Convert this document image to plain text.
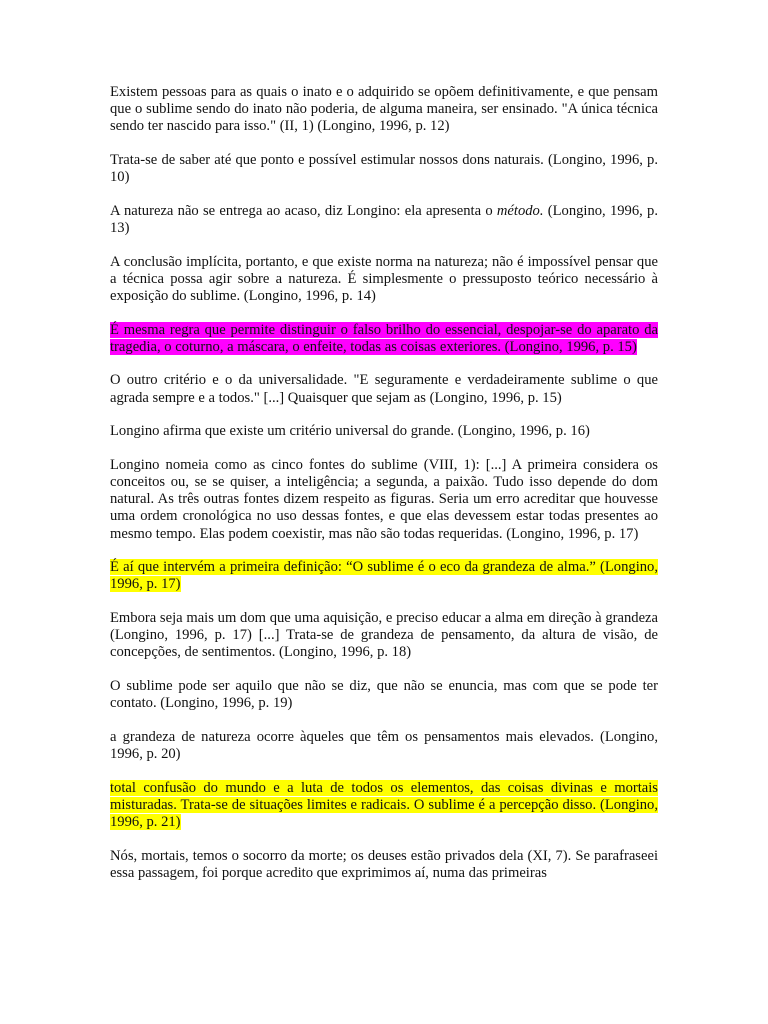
Existem pessoas para as quais o inato e o adquirido se opõem definitivamente, e que pensam que o sublime sendo do inato não poderia, de alguma maneira, ser ensinado. "A única técnica sendo ter nascido para isso." (II, 1) (Longino, 1996, p. 12)

Trata-se de saber até que ponto e possível estimular nossos dons naturais. (Longino, 1996, p. 10)

A natureza não se entrega ao acaso, diz Longino: ela apresenta o método. (Longino, 1996, p. 13)

A conclusão implícita, portanto, e que existe norma na natureza; não é impossível pensar que a técnica possa agir sobre a natureza. É simplesmente o pressuposto teórico necessário à exposição do sublime. (Longino, 1996, p. 14)

É mesma regra que permite distinguir o falso brilho do essencial, despojar-se do aparato da tragedia, o coturno, a máscara, o enfeite, todas as coisas exteriores. (Longino, 1996, p. 15)

O outro critério e o da universalidade. "E seguramente e verdadeiramente sublime o que agrada sempre e a todos." [...] Quaisquer que sejam as (Longino, 1996, p. 15)

Longino afirma que existe um critério universal do grande. (Longino, 1996, p. 16)

Longino nomeia como as cinco fontes do sublime (VIII, 1): [...] A primeira considera os conceitos ou, se se quiser, a inteligência; a segunda, a paixão. Tudo isso depende do dom natural. As três outras fontes dizem respeito as figuras. Seria um erro acreditar que houvesse uma ordem cronológica no uso dessas fontes, e que elas devessem estar todas presentes ao mesmo tempo. Elas podem coexistir, mas não são todas requeridas. (Longino, 1996, p. 17)

É aí que intervém a primeira definição: “O sublime é o eco da grandeza de alma.” (Longino, 1996, p. 17)

Embora seja mais um dom que uma aquisição, e preciso educar a alma em direção à grandeza (Longino, 1996, p. 17) [...] Trata-se de grandeza de pensamento, da altura de visão, de concepções, de sentimentos. (Longino, 1996, p. 18)

O sublime pode ser aquilo que não se diz, que não se enuncia, mas com que se pode ter contato. (Longino, 1996, p. 19)

a grandeza de natureza ocorre àqueles que têm os pensamentos mais elevados. (Longino, 1996, p. 20)

total confusão do mundo e a luta de todos os elementos, das coisas divinas e mortais misturadas. Trata-se de situações limites e radicais. O sublime é a percepção disso. (Longino, 1996, p. 21)

Nós, mortais, temos o socorro da morte; os deuses estão privados dela (XI, 7). Se parafraseei essa passagem, foi porque acredito que exprimimos aí, numa das primeiras
